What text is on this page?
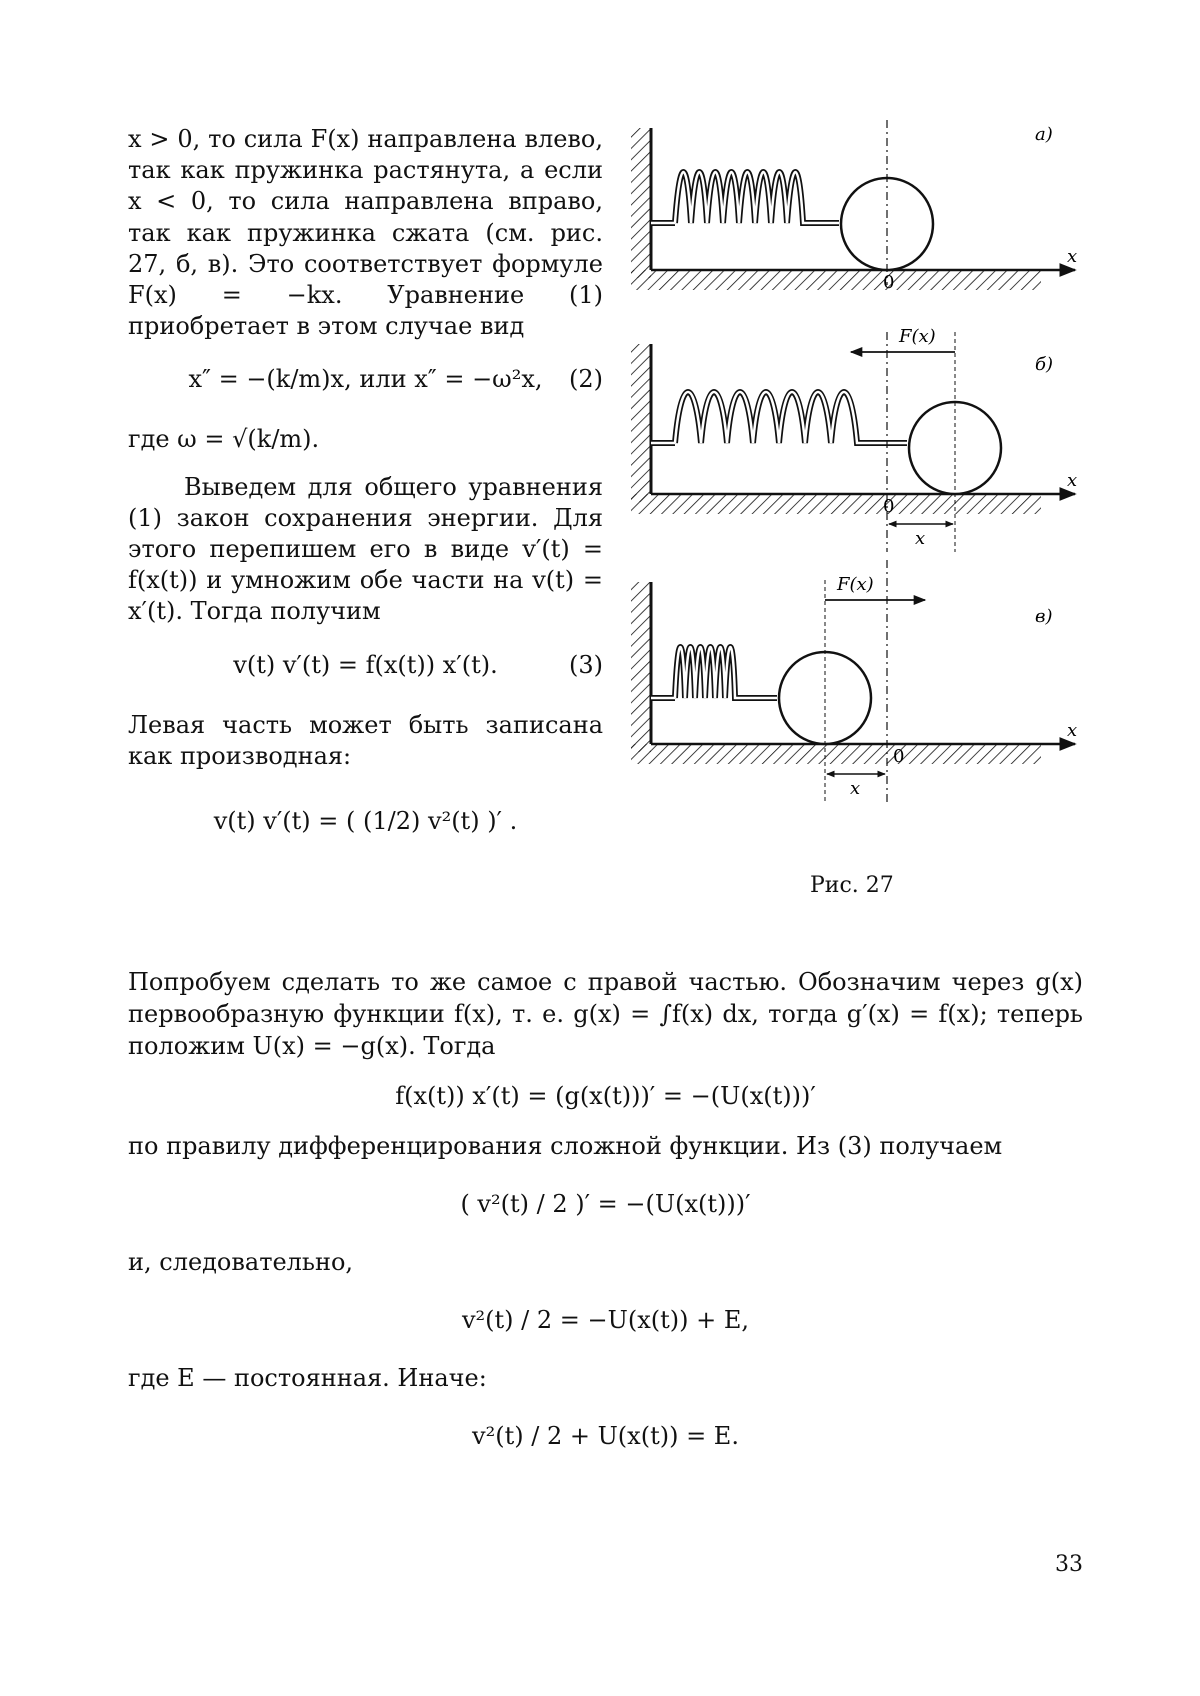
x > 0, то сила F(x) направлена влево, так как пружинка растянута, а если x < 0, то сила направлена вправо, так как пружинка сжата (см. рис. 27, б, в). Это соответствует формуле F(x) = −kx. Уравнение (1) приобретает в этом случае вид

x″ = −(k/m)x, или x″ = −ω²x,	(2)

где ω = √(k/m).

Выведем для общего уравнения (1) закон сохранения энергии. Для этого перепишем его в виде v′(t) = f(x(t)) и умножим обе части на v(t) = x′(t). Тогда получим

v(t) v′(t) = f(x(t)) x′(t).	(3)

Левая часть может быть записана как производная:

v(t) v′(t) = ( (1/2) v²(t) )′ .
0
x
а)
F(x)
x
0
x
б)
F(x)
x
0
x
в)
Рис. 27

Попробуем сделать то же самое с правой частью. Обозначим через g(x) первообразную функции f(x), т. е. g(x) = ∫f(x) dx, тогда g′(x) = f(x); теперь положим U(x) = −g(x). Тогда

f(x(t)) x′(t) = (g(x(t)))′ = −(U(x(t)))′

по правилу дифференцирования сложной функции. Из (3) получаем

( v²(t) / 2 )′ = −(U(x(t)))′

и, следовательно,

v²(t) / 2 = −U(x(t)) + E,

где E — постоянная. Иначе:

v²(t) / 2 + U(x(t)) = E.

33
